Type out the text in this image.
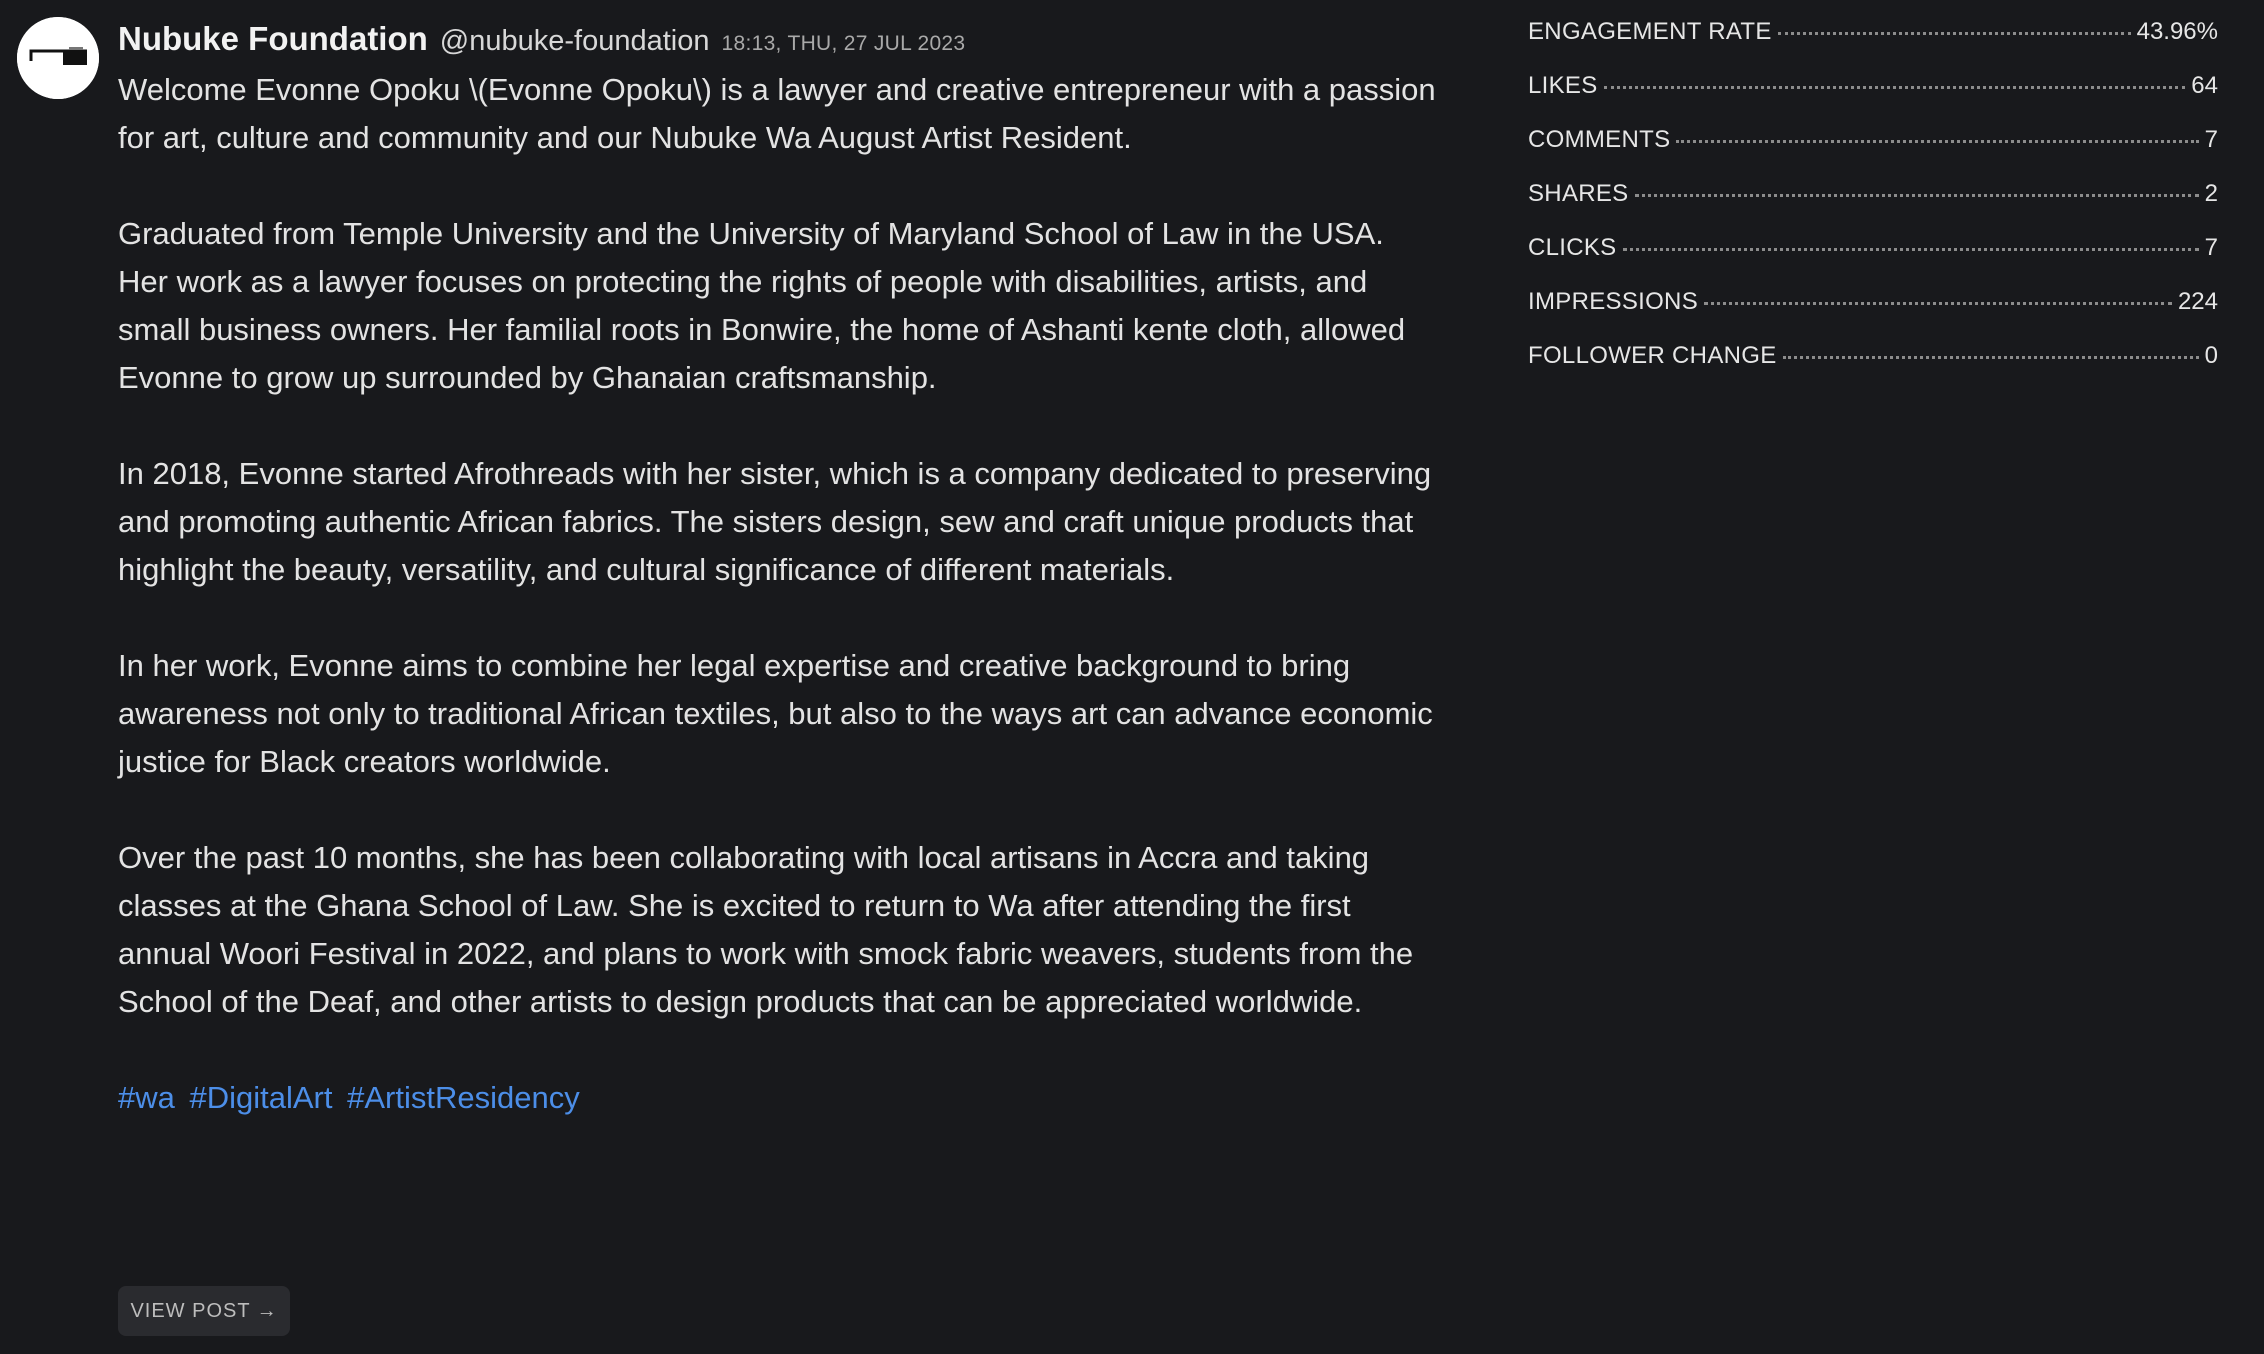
Nubuke Foundation @nubuke-foundation 18:13, THU, 27 JUL 2023

Welcome Evonne Opoku \(Evonne Opoku\) is a lawyer and creative entrepreneur with a passion for art, culture and community and our Nubuke Wa August Artist Resident.

Graduated from Temple University and the University of Maryland School of Law in the USA. Her work as a lawyer focuses on protecting the rights of people with disabilities, artists, and small business owners. Her familial roots in Bonwire, the home of Ashanti kente cloth, allowed Evonne to grow up surrounded by Ghanaian craftsmanship.

In 2018, Evonne started Afrothreads with her sister, which is a company dedicated to preserving and promoting authentic African fabrics. The sisters design, sew and craft unique products that highlight the beauty, versatility, and cultural significance of different materials.

In her work, Evonne aims to combine her legal expertise and creative background to bring awareness not only to traditional African textiles, but also to the ways art can advance economic justice for Black creators worldwide.

Over the past 10 months, she has been collaborating with local artisans in Accra and taking classes at the Ghana School of Law. She is excited to return to Wa after attending the first annual Woori Festival in 2022, and plans to work with smock fabric weavers, students from the School of the Deaf, and other artists to design products that can be appreciated worldwide.

#wa #DigitalArt #ArtistResidency

VIEW POST →
ENGAGEMENT RATE	43.96%
LIKES	64
COMMENTS	7
SHARES	2
CLICKS	7
IMPRESSIONS	224
FOLLOWER CHANGE	0
